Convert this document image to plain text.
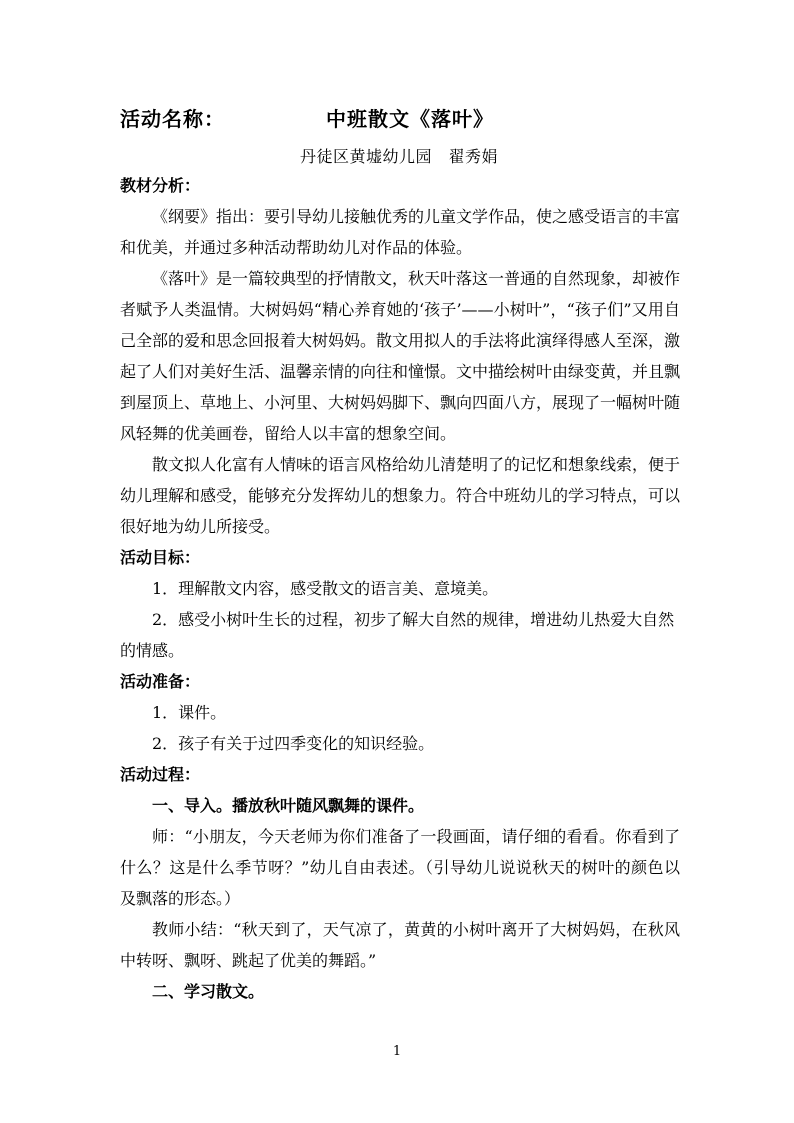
活动名称：	中班散文《落叶》
丹徒区黄墟幼儿园　翟秀娟

教材分析：

《纲要》指出：要引导幼儿接触优秀的儿童文学作品，使之感受语言的丰富和优美，并通过多种活动帮助幼儿对作品的体验。

《落叶》是一篇较典型的抒情散文，秋天叶落这一普通的自然现象，却被作者赋予人类温情。大树妈妈“精心养育她的‘孩子’——小树叶”，“孩子们”又用自己全部的爱和思念回报着大树妈妈。散文用拟人的手法将此演绎得感人至深，激起了人们对美好生活、温馨亲情的向往和憧憬。文中描绘树叶由绿变黄，并且飘到屋顶上、草地上、小河里、大树妈妈脚下、飘向四面八方，展现了一幅树叶随风轻舞的优美画卷，留给人以丰富的想象空间。

散文拟人化富有人情味的语言风格给幼儿清楚明了的记忆和想象线索，便于幼儿理解和感受，能够充分发挥幼儿的想象力。符合中班幼儿的学习特点，可以很好地为幼儿所接受。

活动目标：

1．理解散文内容，感受散文的语言美、意境美。

2．感受小树叶生长的过程，初步了解大自然的规律，增进幼儿热爱大自然的情感。

活动准备：

1．课件。

2．孩子有关于过四季变化的知识经验。

活动过程：

一、导入。播放秋叶随风飘舞的课件。

师：“小朋友，今天老师为你们准备了一段画面，请仔细的看看。你看到了什么？这是什么季节呀？”幼儿自由表述。（引导幼儿说说秋天的树叶的颜色以及飘落的形态。）

教师小结：“秋天到了，天气凉了，黄黄的小树叶离开了大树妈妈，在秋风中转呀、飘呀、跳起了优美的舞蹈。”

二、学习散文。

1
